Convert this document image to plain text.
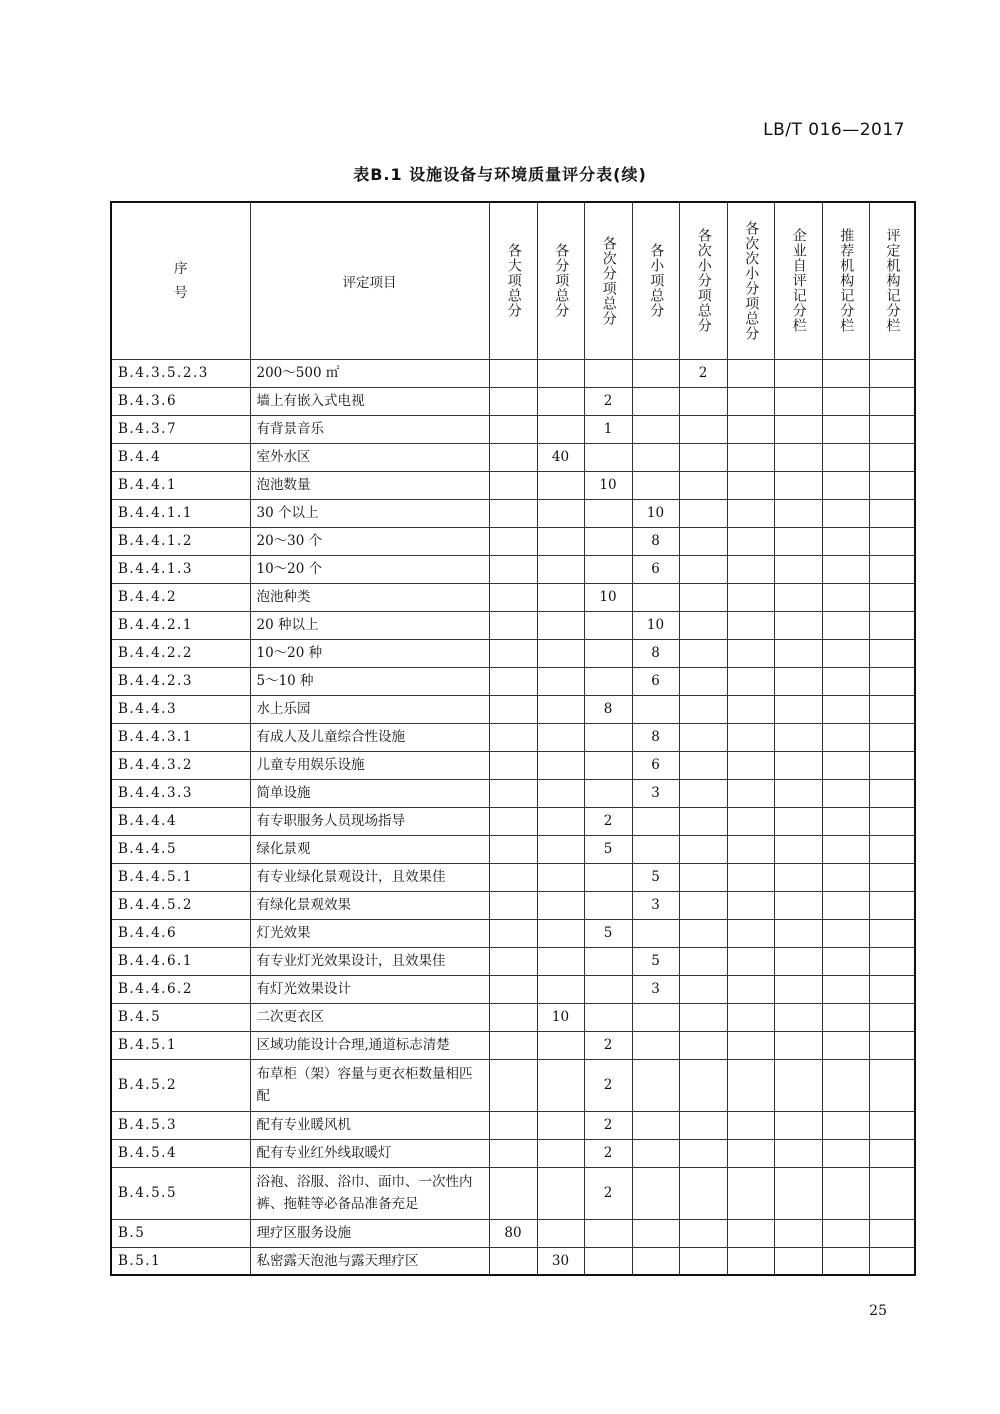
LB/T 016—2017
表B.1 设施设备与环境质量评分表(续)
序号	评定项目	各大项总分	各分项总分	各次分项总分	各小项总分	各次小分项总分	各次次小分项总分	企业自评记分栏	推荐机构记分栏	评定机构记分栏

B.4.3.5.2.3	200～500 ㎡					2				
B.4.3.6	墙上有嵌入式电视			2						
B.4.3.7	有背景音乐			1						
B.4.4	室外水区		40							
B.4.4.1	泡池数量			10						
B.4.4.1.1	30 个以上				10					
B.4.4.1.2	20～30 个				8					
B.4.4.1.3	10～20 个				6					
B.4.4.2	泡池种类			10						
B.4.4.2.1	20 种以上				10					
B.4.4.2.2	10～20 种				8					
B.4.4.2.3	5～10 种				6					
B.4.4.3	水上乐园			8						
B.4.4.3.1	有成人及儿童综合性设施				8					
B.4.4.3.2	儿童专用娱乐设施				6					
B.4.4.3.3	简单设施				3					
B.4.4.4	有专职服务人员现场指导			2						
B.4.4.5	绿化景观			5						
B.4.4.5.1	有专业绿化景观设计，且效果佳				5					
B.4.4.5.2	有绿化景观效果				3					
B.4.4.6	灯光效果			5						
B.4.4.6.1	有专业灯光效果设计，且效果佳				5					
B.4.4.6.2	有灯光效果设计				3					
B.4.5	二次更衣区		10							
B.4.5.1	区域功能设计合理,通道标志清楚			2						
B.4.5.2	布草柜（架）容量与更衣柜数量相匹配			2						
B.4.5.3	配有专业暖风机			2						
B.4.5.4	配有专业红外线取暖灯			2						
B.4.5.5	浴袍、浴服、浴巾、面巾、一次性内裤、拖鞋等必备品准备充足			2						
B.5	理疗区服务设施	80								
B.5.1	私密露天泡池与露天理疗区		30							
25
